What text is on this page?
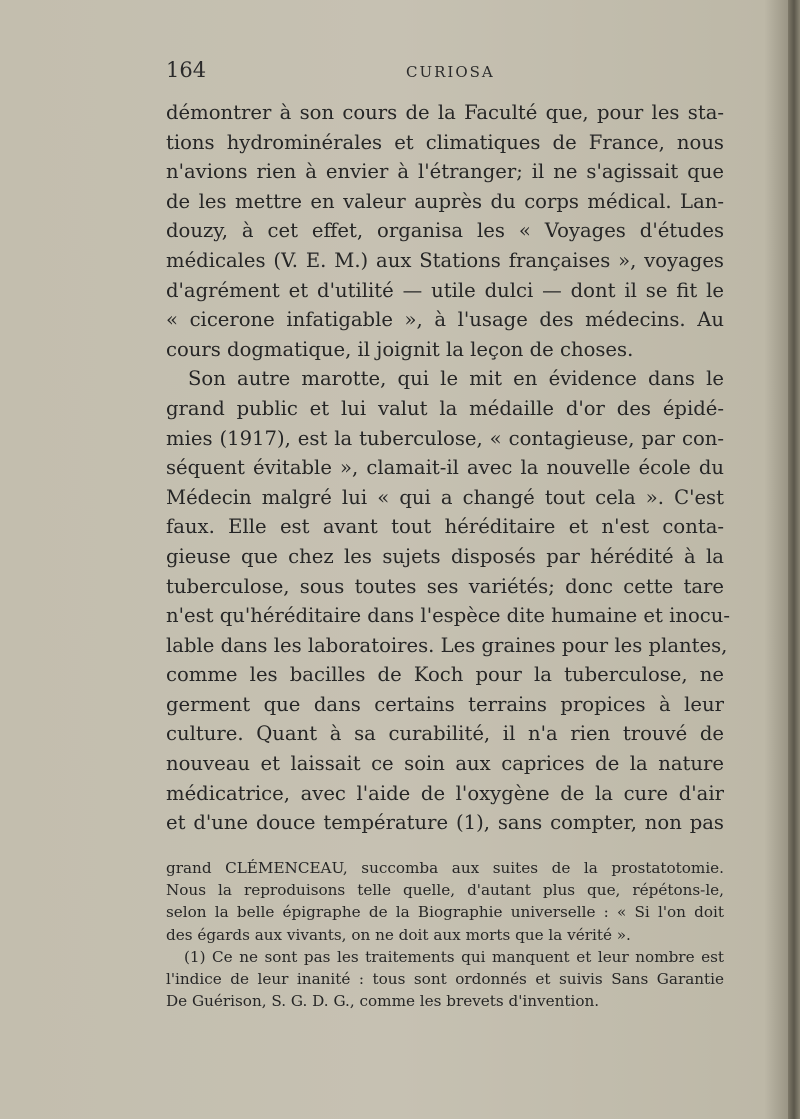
164	CURIOSA
démontrer à son cours de la Faculté que, pour les sta-
tions hydrominérales et climatiques de France, nous
n'avions rien à envier à l'étranger; il ne s'agissait que
de les mettre en valeur auprès du corps médical. Lan-
douzy, à cet effet, organisa les « Voyages d'études
médicales (V. E. M.) aux Stations françaises », voyages
d'agrément et d'utilité — utile dulci — dont il se fit le
« cicerone infatigable », à l'usage des médecins. Au
cours dogmatique, il joignit la leçon de choses.
Son autre marotte, qui le mit en évidence dans le
grand public et lui valut la médaille d'or des épidé-
mies (1917), est la tuberculose, « contagieuse, par con-
séquent évitable », clamait-il avec la nouvelle école du
Médecin malgré lui « qui a changé tout cela ». C'est
faux. Elle est avant tout héréditaire et n'est conta-
gieuse que chez les sujets disposés par hérédité à la
tuberculose, sous toutes ses variétés; donc cette tare
n'est qu'héréditaire dans l'espèce dite humaine et inocu-
lable dans les laboratoires. Les graines pour les plantes,
comme les bacilles de Koch pour la tuberculose, ne
germent que dans certains terrains propices à leur
culture. Quant à sa curabilité, il n'a rien trouvé de
nouveau et laissait ce soin aux caprices de la nature
médicatrice, avec l'aide de l'oxygène de la cure d'air
et d'une douce température (1), sans compter, non pas
grand CLÉMENCEAU, succomba aux suites de la prostatotomie.
Nous la reproduisons telle quelle, d'autant plus que, répétons-le,
selon la belle épigraphe de la Biographie universelle : « Si l'on doit
des égards aux vivants, on ne doit aux morts que la vérité ».
(1) Ce ne sont pas les traitements qui manquent et leur nombre est
l'indice de leur inanité : tous sont ordonnés et suivis Sans Garantie
De Guérison, S. G. D. G., comme les brevets d'invention.
